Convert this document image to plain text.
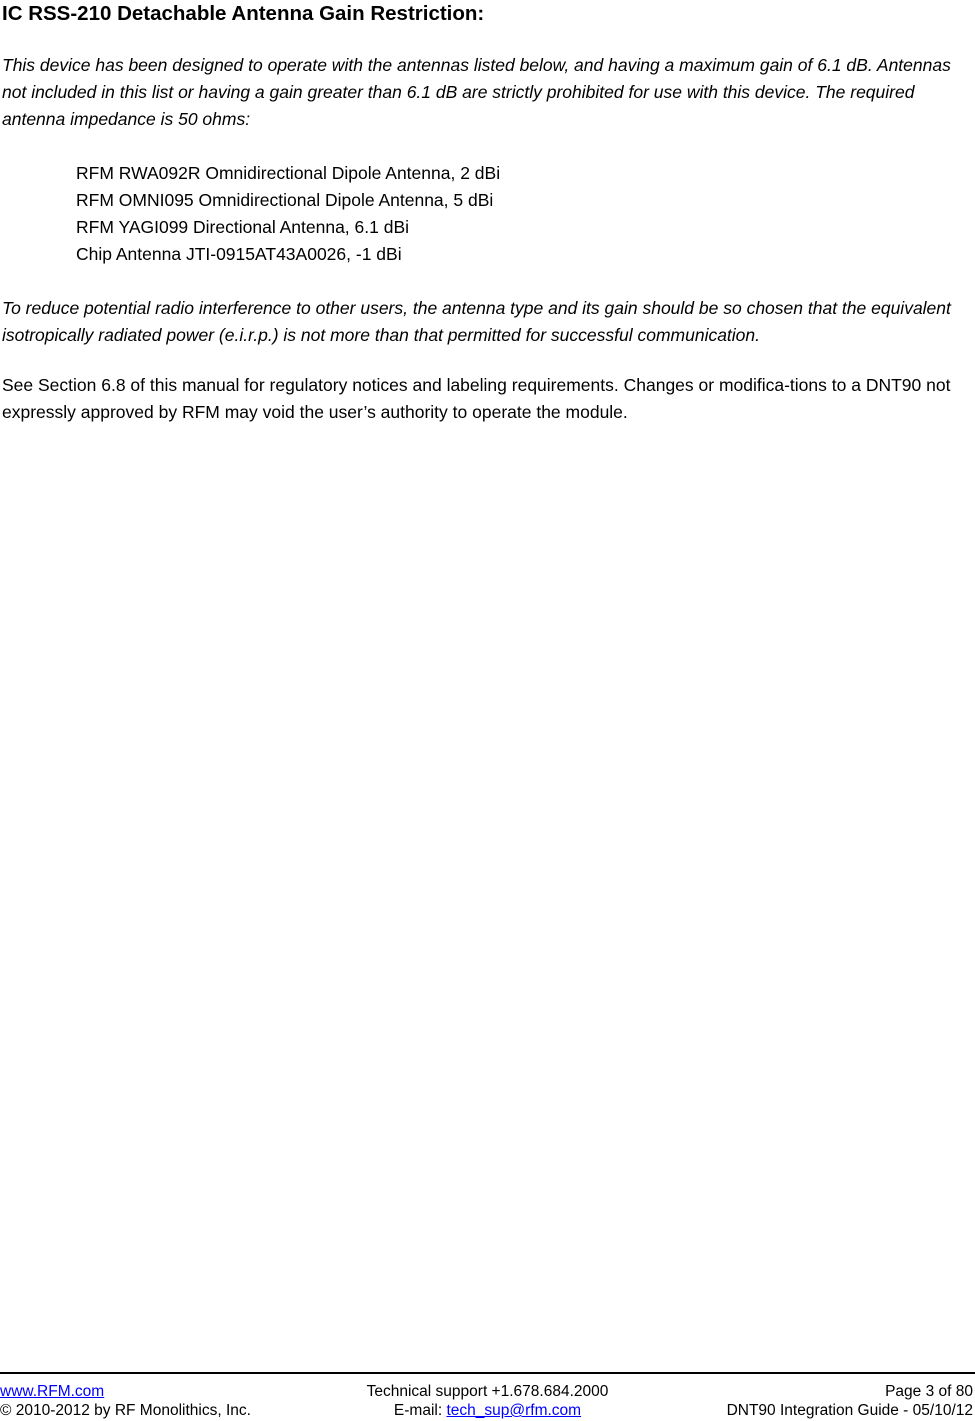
IC RSS-210 Detachable Antenna Gain Restriction:

This device has been designed to operate with the antennas listed below, and having a maximum gain of 6.1 dB. Antennas not included in this list or having a gain greater than 6.1 dB are strictly prohibited for use with this device. The required antenna impedance is 50 ohms:

RFM RWA092R Omnidirectional Dipole Antenna, 2 dBi
RFM OMNI095 Omnidirectional Dipole Antenna, 5 dBi
RFM YAGI099 Directional Antenna, 6.1 dBi
Chip Antenna JTI-0915AT43A0026, -1 dBi

To reduce potential radio interference to other users, the antenna type and its gain should be so chosen that the equivalent isotropically radiated power (e.i.r.p.) is not more than that permitted for successful communication.

See Section 6.8 of this manual for regulatory notices and labeling requirements. Changes or modifica-tions to a DNT90 not expressly approved by RFM may void the user’s authority to operate the module.

www.RFM.com	Technical support +1.678.684.2000	Page 3 of 80
© 2010-2012 by RF Monolithics, Inc.	E-mail: tech_sup@rfm.com	DNT90 Integration Guide - 05/10/12
